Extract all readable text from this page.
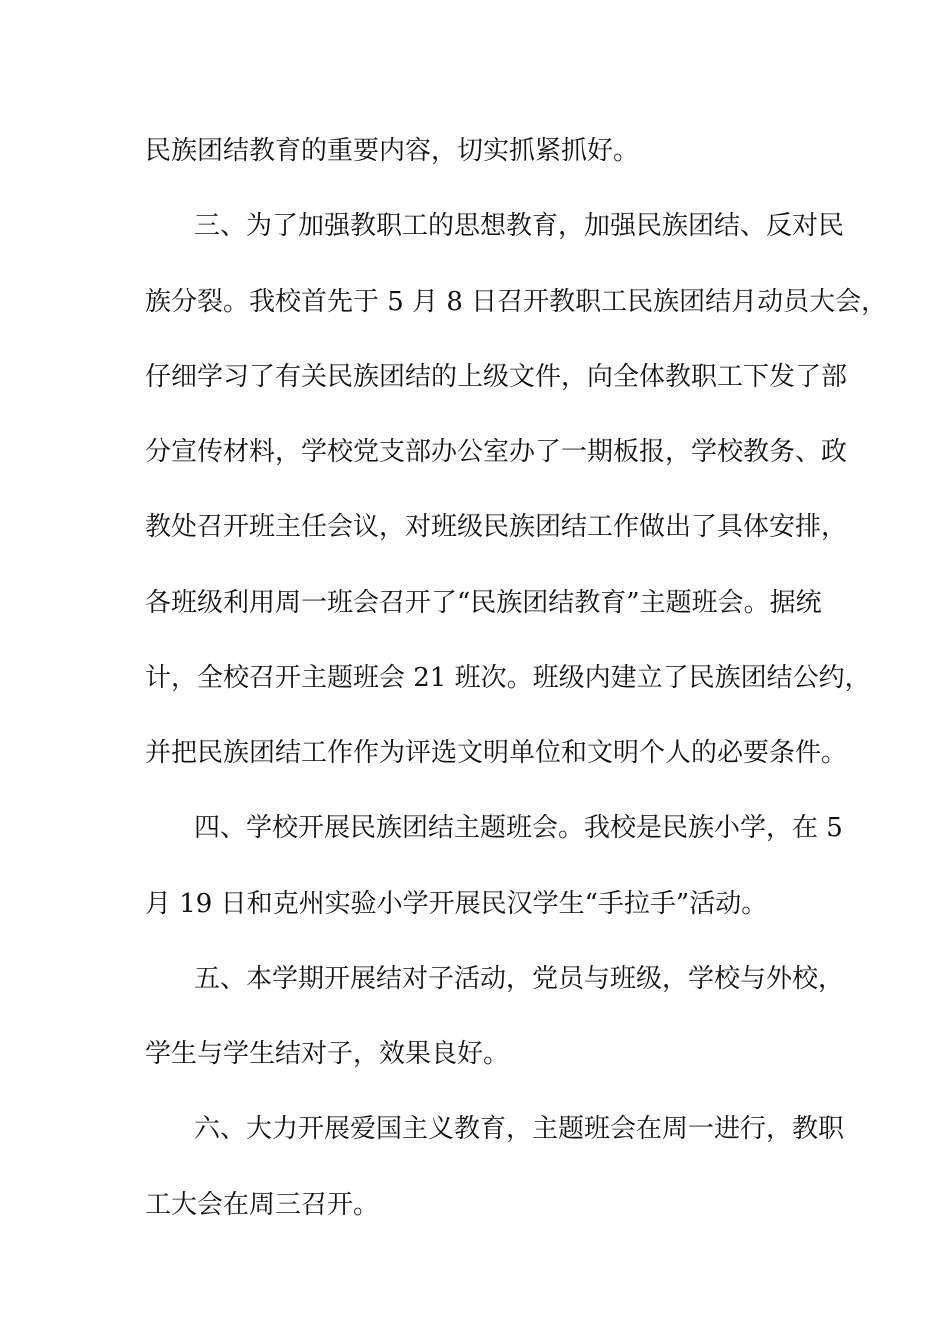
民族团结教育的重要内容，切实抓紧抓好。
三、为了加强教职工的思想教育，加强民族团结、反对民
族分裂。我校首先于 5 月 8 日召开教职工民族团结月动员大会，
仔细学习了有关民族团结的上级文件，向全体教职工下发了部
分宣传材料，学校党支部办公室办了一期板报，学校教务、政
教处召开班主任会议，对班级民族团结工作做出了具体安排，
各班级利用周一班会召开了“民族团结教育”主题班会。据统
计，全校召开主题班会 21 班次。班级内建立了民族团结公约，
并把民族团结工作作为评选文明单位和文明个人的必要条件。
四、学校开展民族团结主题班会。我校是民族小学，在 5
月 19 日和克州实验小学开展民汉学生“手拉手”活动。
五、本学期开展结对子活动，党员与班级，学校与外校，
学生与学生结对子，效果良好。
六、大力开展爱国主义教育，主题班会在周一进行，教职
工大会在周三召开。
